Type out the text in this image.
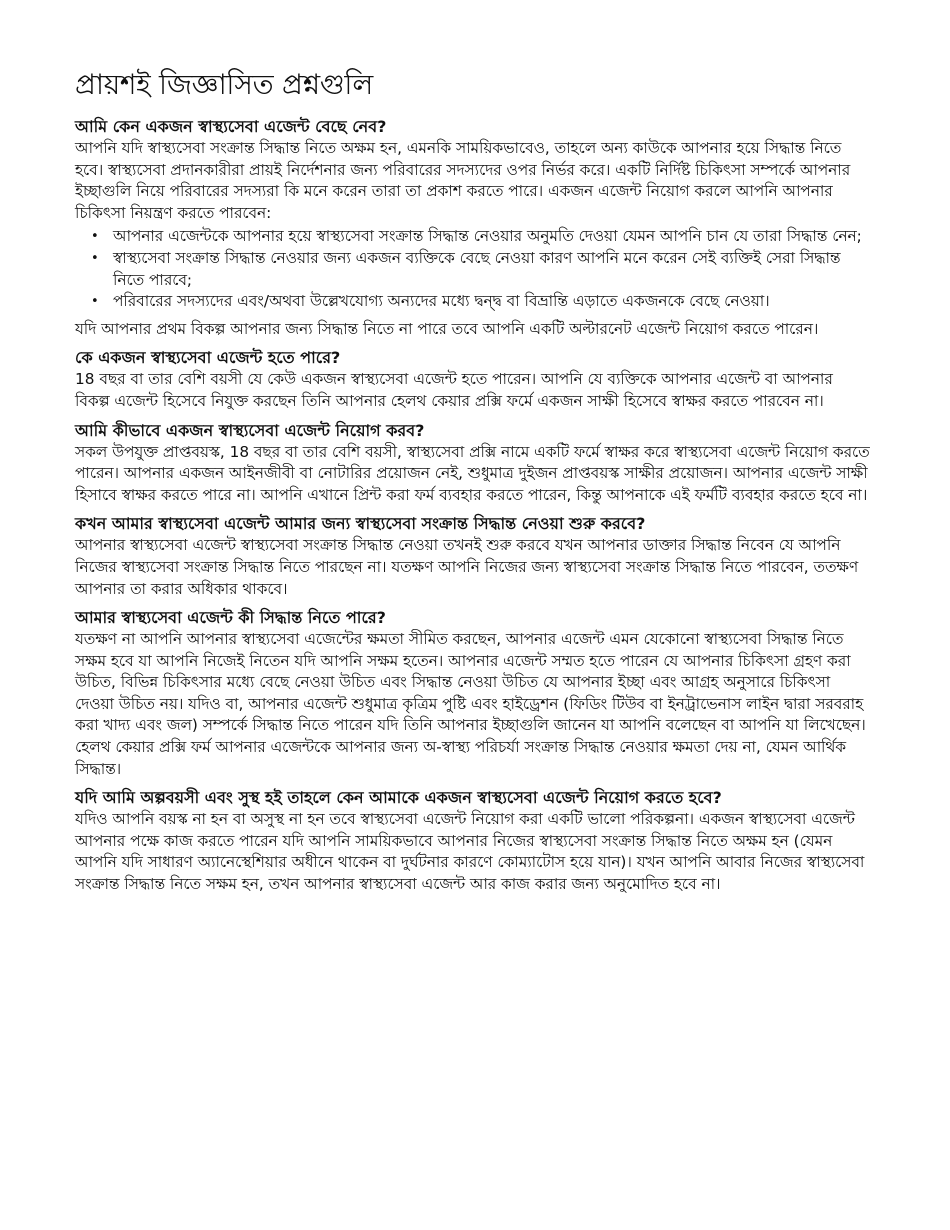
প্রায়শই জিজ্ঞাসিত প্রশ্নগুলি
আমি কেন একজন স্বাস্থ্যসেবা এজেন্ট বেছে নেব?

আপনি যদি স্বাস্থ্যসেবা সংক্রান্ত সিদ্ধান্ত নিতে অক্ষম হন, এমনকি সাময়িকভাবেও, তাহলে অন্য কাউকে আপনার হয়ে সিদ্ধান্ত নিতে হবে। স্বাস্থ্যসেবা প্রদানকারীরা প্রায়ই নির্দেশনার জন্য পরিবারের সদস্যদের ওপর নির্ভর করে। একটি নির্দিষ্ট চিকিৎসা সম্পর্কে আপনার ইচ্ছাগুলি নিয়ে পরিবারের সদস্যরা কি মনে করেন তারা তা প্রকাশ করতে পারে। একজন এজেন্ট নিয়োগ করলে আপনি আপনার চিকিৎসা নিয়ন্ত্রণ করতে পারবেন:

• আপনার এজেন্টকে আপনার হয়ে স্বাস্থ্যসেবা সংক্রান্ত সিদ্ধান্ত নেওয়ার অনুমতি দেওয়া যেমন আপনি চান যে তারা সিদ্ধান্ত নেন;
• স্বাস্থ্যসেবা সংক্রান্ত সিদ্ধান্ত নেওয়ার জন্য একজন ব্যক্তিকে বেছে নেওয়া কারণ আপনি মনে করেন সেই ব্যক্তিই সেরা সিদ্ধান্ত নিতে পারবে;
• পরিবারের সদস্যদের এবং/অথবা উল্লেখযোগ্য অন্যদের মধ্যে দ্বন্দ্ব বা বিভ্রান্তি এড়াতে একজনকে বেছে নেওয়া।

যদি আপনার প্রথম বিকল্প আপনার জন্য সিদ্ধান্ত নিতে না পারে তবে আপনি একটি অল্টারনেট এজেন্ট নিয়োগ করতে পারেন।

কে একজন স্বাস্থ্যসেবা এজেন্ট হতে পারে?

18 বছর বা তার বেশি বয়সী যে কেউ একজন স্বাস্থ্যসেবা এজেন্ট হতে পারেন। আপনি যে ব্যক্তিকে আপনার এজেন্ট বা আপনার বিকল্প এজেন্ট হিসেবে নিযুক্ত করছেন তিনি আপনার হেলথ কেয়ার প্রক্সি ফর্মে একজন সাক্ষী হিসেবে স্বাক্ষর করতে পারবেন না।

আমি কীভাবে একজন স্বাস্থ্যসেবা এজেন্ট নিয়োগ করব?

সকল উপযুক্ত প্রাপ্তবয়স্ক, 18 বছর বা তার বেশি বয়সী, স্বাস্থ্যসেবা প্রক্সি নামে একটি ফর্মে স্বাক্ষর করে স্বাস্থ্যসেবা এজেন্ট নিয়োগ করতে পারেন। আপনার একজন আইনজীবী বা নোটারির প্রয়োজন নেই, শুধুমাত্র দুইজন প্রাপ্তবয়স্ক সাক্ষীর প্রয়োজন। আপনার এজেন্ট সাক্ষী হিসাবে স্বাক্ষর করতে পারে না। আপনি এখানে প্রিন্ট করা ফর্ম ব্যবহার করতে পারেন, কিন্তু আপনাকে এই ফর্মটি ব্যবহার করতে হবে না।

কখন আমার স্বাস্থ্যসেবা এজেন্ট আমার জন্য স্বাস্থ্যসেবা সংক্রান্ত সিদ্ধান্ত নেওয়া শুরু করবে?

আপনার স্বাস্থ্যসেবা এজেন্ট স্বাস্থ্যসেবা সংক্রান্ত সিদ্ধান্ত নেওয়া তখনই শুরু করবে যখন আপনার ডাক্তার সিদ্ধান্ত নিবেন যে আপনি নিজের স্বাস্থ্যসেবা সংক্রান্ত সিদ্ধান্ত নিতে পারছেন না। যতক্ষণ আপনি নিজের জন্য স্বাস্থ্যসেবা সংক্রান্ত সিদ্ধান্ত নিতে পারবেন, ততক্ষণ আপনার তা করার অধিকার থাকবে।

আমার স্বাস্থ্যসেবা এজেন্ট কী সিদ্ধান্ত নিতে পারে?

যতক্ষণ না আপনি আপনার স্বাস্থ্যসেবা এজেন্টের ক্ষমতা সীমিত করছেন, আপনার এজেন্ট এমন যেকোনো স্বাস্থ্যসেবা সিদ্ধান্ত নিতে সক্ষম হবে যা আপনি নিজেই নিতেন যদি আপনি সক্ষম হতেন। আপনার এজেন্ট সম্মত হতে পারেন যে আপনার চিকিৎসা গ্রহণ করা উচিত, বিভিন্ন চিকিৎসার মধ্যে বেছে নেওয়া উচিত এবং সিদ্ধান্ত নেওয়া উচিত যে আপনার ইচ্ছা এবং আগ্রহ অনুসারে চিকিৎসা দেওয়া উচিত নয়। যদিও বা, আপনার এজেন্ট শুধুমাত্র কৃত্রিম পুষ্টি এবং হাইড্রেশন (ফিডিং টিউব বা ইনট্রাভেনাস লাইন দ্বারা সরবরাহ করা খাদ্য এবং জল) সম্পর্কে সিদ্ধান্ত নিতে পারেন যদি তিনি আপনার ইচ্ছাগুলি জানেন যা আপনি বলেছেন বা আপনি যা লিখেছেন। হেলথ কেয়ার প্রক্সি ফর্ম আপনার এজেন্টকে আপনার জন্য অ-স্বাস্থ্য পরিচর্যা সংক্রান্ত সিদ্ধান্ত নেওয়ার ক্ষমতা দেয় না, যেমন আর্থিক সিদ্ধান্ত।

যদি আমি অল্পবয়সী এবং সুস্থ হই তাহলে কেন আমাকে একজন স্বাস্থ্যসেবা এজেন্ট নিয়োগ করতে হবে?

যদিও আপনি বয়স্ক না হন বা অসুস্থ না হন তবে স্বাস্থ্যসেবা এজেন্ট নিয়োগ করা একটি ভালো পরিকল্পনা। একজন স্বাস্থ্যসেবা এজেন্ট আপনার পক্ষে কাজ করতে পারেন যদি আপনি সাময়িকভাবে আপনার নিজের স্বাস্থ্যসেবা সংক্রান্ত সিদ্ধান্ত নিতে অক্ষম হন (যেমন আপনি যদি সাধারণ অ্যানেস্থেশিয়ার অধীনে থাকেন বা দুর্ঘটনার কারণে কোম্যাটোস হয়ে যান)। যখন আপনি আবার নিজের স্বাস্থ্যসেবা সংক্রান্ত সিদ্ধান্ত নিতে সক্ষম হন, তখন আপনার স্বাস্থ্যসেবা এজেন্ট আর কাজ করার জন্য অনুমোদিত হবে না।
